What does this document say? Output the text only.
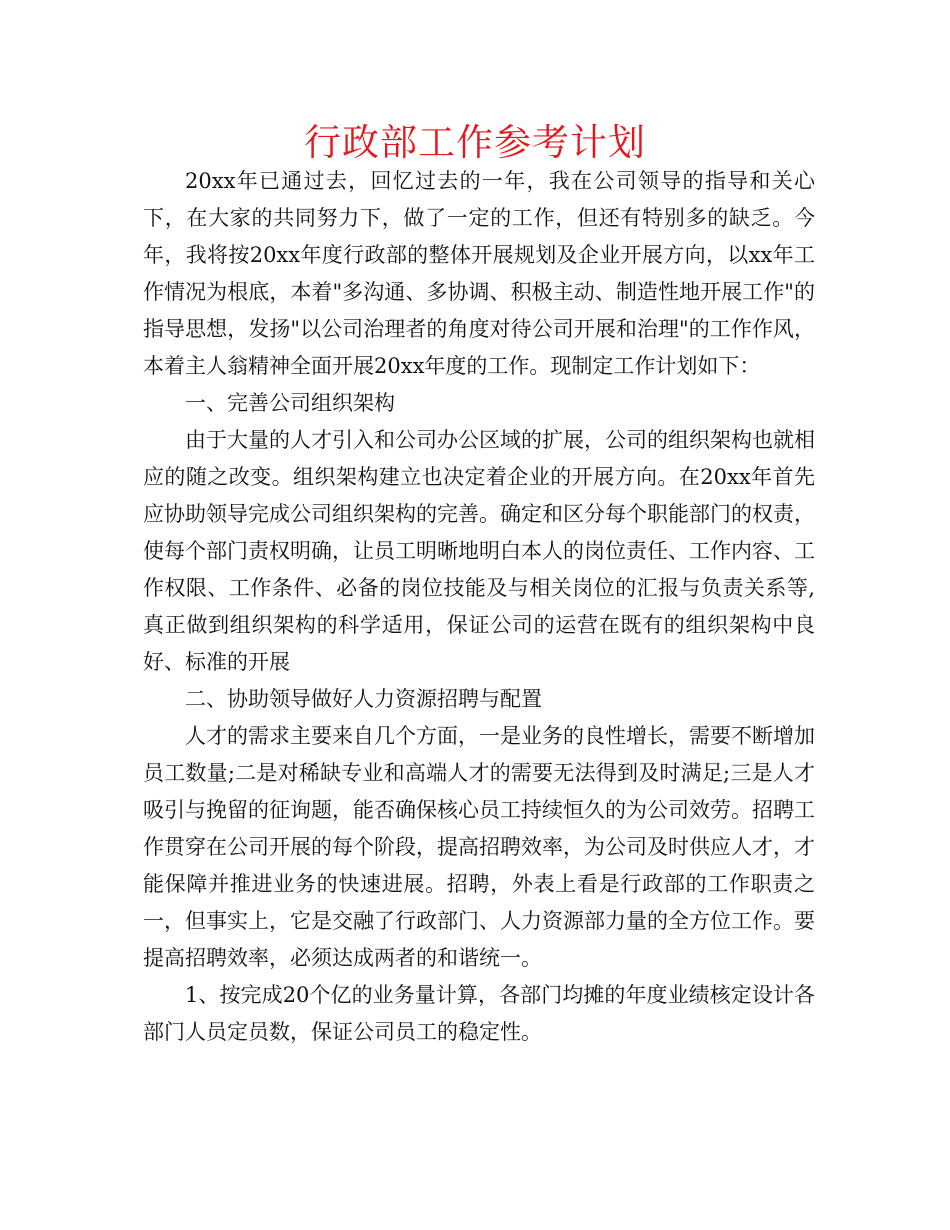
行政部工作参考计划

20xx年已通过去，回忆过去的一年，我在公司领导的指导和关心下，在大家的共同努力下，做了一定的工作，但还有特别多的缺乏。今年，我将按20xx年度行政部的整体开展规划及企业开展方向，以xx年工作情况为根底，本着"多沟通、多协调、积极主动、制造性地开展工作"的指导思想，发扬"以公司治理者的角度对待公司开展和治理"的工作作风，本着主人翁精神全面开展20xx年度的工作。现制定工作计划如下：

一、完善公司组织架构

由于大量的人才引入和公司办公区域的扩展，公司的组织架构也就相应的随之改变。组织架构建立也决定着企业的开展方向。在20xx年首先应协助领导完成公司组织架构的完善。确定和区分每个职能部门的权责，使每个部门责权明确，让员工明晰地明白本人的岗位责任、工作内容、工作权限、工作条件、必备的岗位技能及与相关岗位的汇报与负责关系等,真正做到组织架构的科学适用，保证公司的运营在既有的组织架构中良好、标准的开展

二、协助领导做好人力资源招聘与配置

人才的需求主要来自几个方面，一是业务的良性增长，需要不断增加员工数量;二是对稀缺专业和高端人才的需要无法得到及时满足;三是人才吸引与挽留的征询题，能否确保核心员工持续恒久的为公司效劳。招聘工作贯穿在公司开展的每个阶段，提高招聘效率，为公司及时供应人才，才能保障并推进业务的快速进展。招聘，外表上看是行政部的工作职责之一，但事实上，它是交融了行政部门、人力资源部力量的全方位工作。要提高招聘效率，必须达成两者的和谐统一。

1、按完成20个亿的业务量计算，各部门均摊的年度业绩核定设计各部门人员定员数，保证公司员工的稳定性。
